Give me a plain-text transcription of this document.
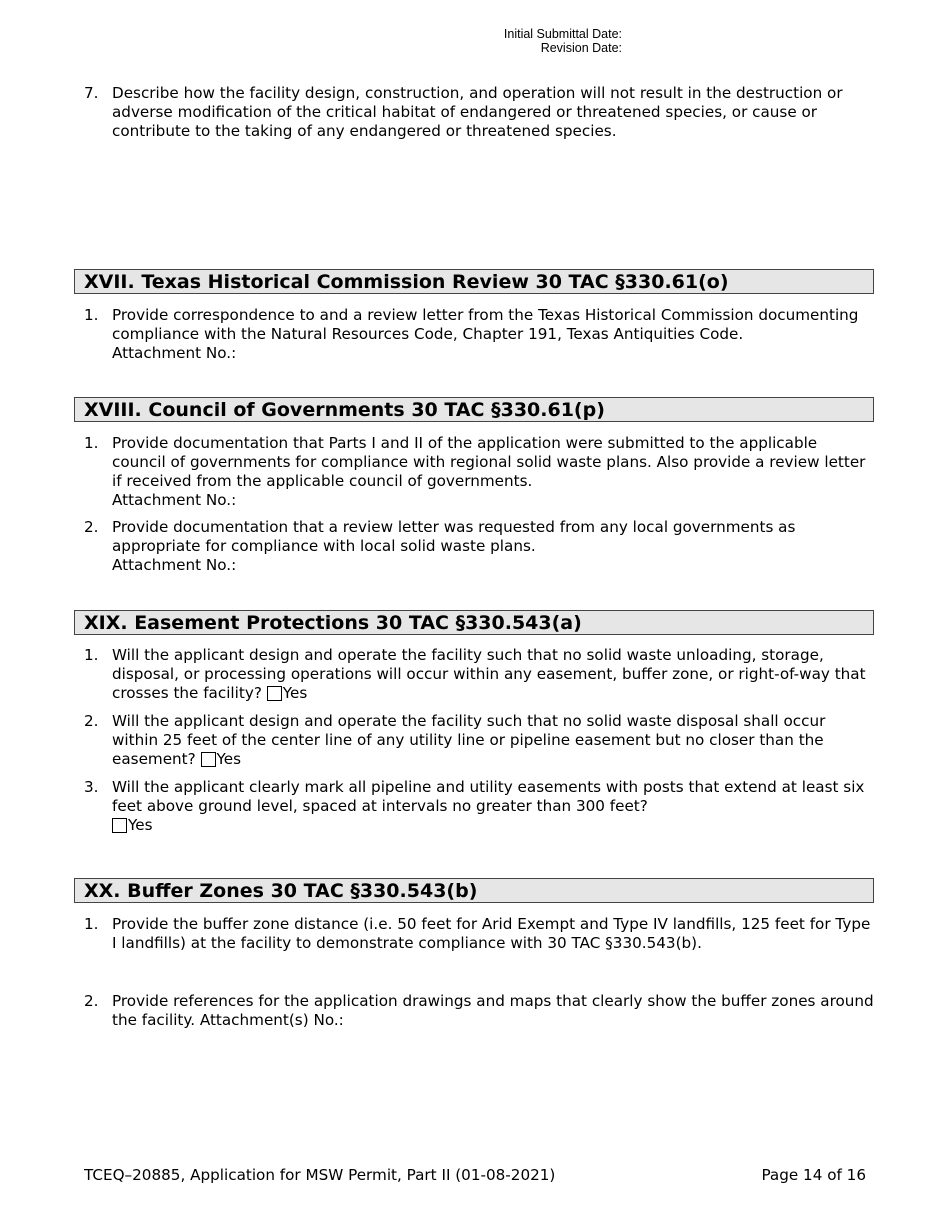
Initial Submittal Date:
Revision Date:
7. Describe how the facility design, construction, and operation will not result in the destruction or adverse modification of the critical habitat of endangered or threatened species, or cause or contribute to the taking of any endangered or threatened species.
XVII. Texas Historical Commission Review 30 TAC §330.61(o)
1. Provide correspondence to and a review letter from the Texas Historical Commission documenting compliance with the Natural Resources Code, Chapter 191, Texas Antiquities Code.
Attachment No.:
XVIII. Council of Governments 30 TAC §330.61(p)
1. Provide documentation that Parts I and II of the application were submitted to the applicable council of governments for compliance with regional solid waste plans. Also provide a review letter if received from the applicable council of governments.
Attachment No.:
2. Provide documentation that a review letter was requested from any local governments as appropriate for compliance with local solid waste plans.
Attachment No.:
XIX. Easement Protections 30 TAC §330.543(a)
1. Will the applicant design and operate the facility such that no solid waste unloading, storage, disposal, or processing operations will occur within any easement, buffer zone, or right-of-way that crosses the facility? Yes
2. Will the applicant design and operate the facility such that no solid waste disposal shall occur within 25 feet of the center line of any utility line or pipeline easement but no closer than the easement? Yes
3. Will the applicant clearly mark all pipeline and utility easements with posts that extend at least six feet above ground level, spaced at intervals no greater than 300 feet?
Yes
XX. Buffer Zones 30 TAC §330.543(b)
1. Provide the buffer zone distance (i.e. 50 feet for Arid Exempt and Type IV landfills, 125 feet for Type I landfills) at the facility to demonstrate compliance with 30 TAC §330.543(b).
2. Provide references for the application drawings and maps that clearly show the buffer zones around the facility. Attachment(s) No.:
TCEQ–20885, Application for MSW Permit, Part II (01-08-2021)	Page 14 of 16
